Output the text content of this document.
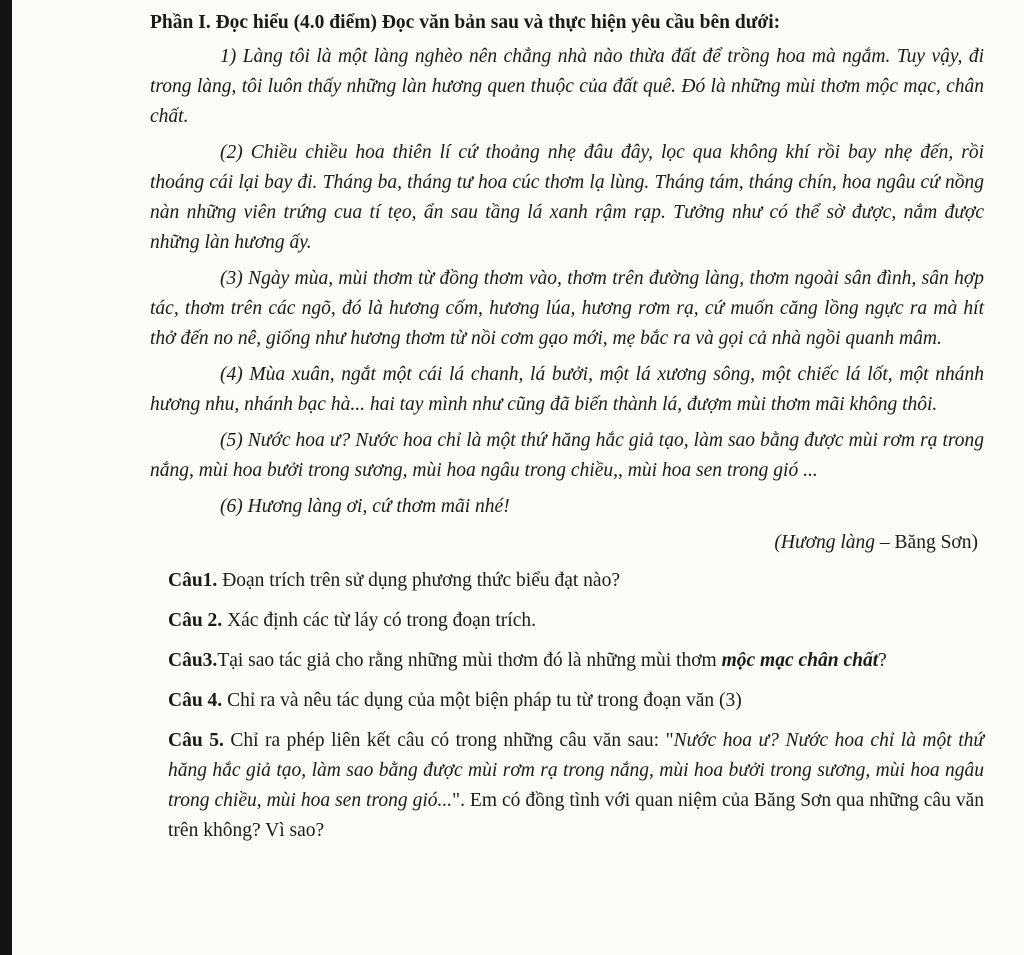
Phần I. Đọc hiểu (4.0 điểm) Đọc văn bản sau và thực hiện yêu cầu bên dưới:

1) Làng tôi là một làng nghèo nên chẳng nhà nào thừa đất để trồng hoa mà ngắm. Tuy vậy, đi trong làng, tôi luôn thấy những làn hương quen thuộc của đất quê. Đó là những mùi thơm mộc mạc, chân chất.

(2) Chiều chiều hoa thiên lí cứ thoảng nhẹ đâu đây, lọc qua không khí rồi bay nhẹ đến, rồi thoáng cái lại bay đi. Tháng ba, tháng tư hoa cúc thơm lạ lùng. Tháng tám, tháng chín, hoa ngâu cứ nồng nàn những viên trứng cua tí tẹo, ẩn sau tầng lá xanh rậm rạp. Tưởng như có thể sờ được, nắm được những làn hương ấy.

(3) Ngày mùa, mùi thơm từ đồng thơm vào, thơm trên đường làng, thơm ngoài sân đình, sân hợp tác, thơm trên các ngõ, đó là hương cốm, hương lúa, hương rơm rạ, cứ muốn căng lồng ngực ra mà hít thở đến no nê, giống như hương thơm từ nồi cơm gạo mới, mẹ bắc ra và gọi cả nhà ngồi quanh mâm.

(4) Mùa xuân, ngắt một cái lá chanh, lá bưởi, một lá xương sông, một chiếc lá lốt, một nhánh hương nhu, nhánh bạc hà... hai tay mình như cũng đã biến thành lá, đượm mùi thơm mãi không thôi.

(5) Nước hoa ư? Nước hoa chỉ là một thứ hăng hắc giả tạo, làm sao bằng được mùi rơm rạ trong nắng, mùi hoa bưởi trong sương, mùi hoa ngâu trong chiều,, mùi hoa sen trong gió ...

(6) Hương làng ơi, cứ thơm mãi nhé!

(Hương làng – Băng Sơn)
Câu1. Đoạn trích trên sử dụng phương thức biểu đạt nào?
Câu 2. Xác định các từ láy có trong đoạn trích.
Câu3.Tại sao tác giả cho rằng những mùi thơm đó là những mùi thơm mộc mạc chân chất?
Câu 4. Chỉ ra và nêu tác dụng của một biện pháp tu từ trong đoạn văn (3)
Câu 5. Chỉ ra phép liên kết câu có trong những câu văn sau: "Nước hoa ư? Nước hoa chỉ là một thứ hăng hắc giả tạo, làm sao bằng được mùi rơm rạ trong nắng, mùi hoa bưởi trong sương, mùi hoa ngâu trong chiều, mùi hoa sen trong gió...". Em có đồng tình với quan niệm của Băng Sơn qua những câu văn trên không? Vì sao?
